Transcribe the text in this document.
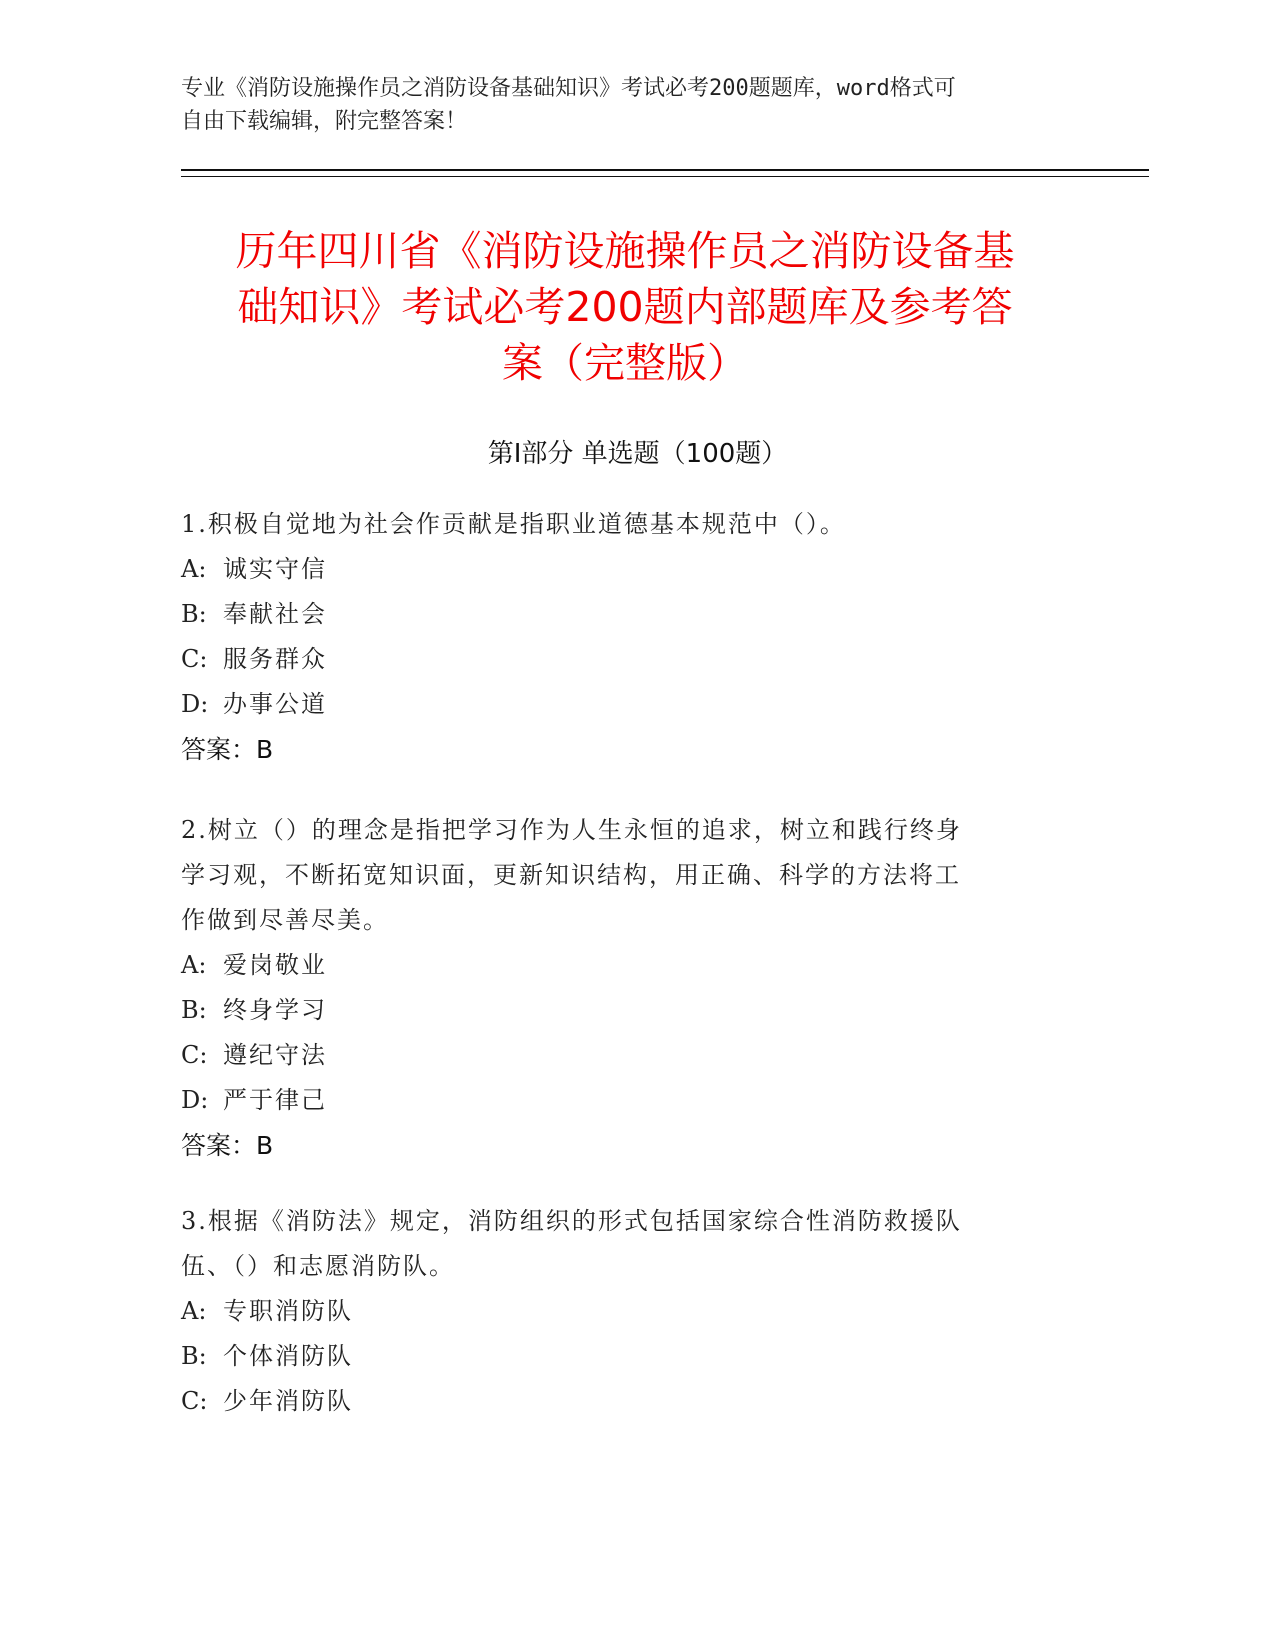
专业《消防设施操作员之消防设备基础知识》考试必考200题题库，word格式可
自由下载编辑，附完整答案！
历年四川省《消防设施操作员之消防设备基
础知识》考试必考200题内部题库及参考答
案（完整版）
第Ⅰ部分 单选题（100题）

1.积极自觉地为社会作贡献是指职业道德基本规范中（）。

A: 诚实守信

B: 奉献社会

C: 服务群众

D: 办事公道

答案：B

2.树立（）的理念是指把学习作为人生永恒的追求，树立和践行终身

学习观，不断拓宽知识面，更新知识结构，用正确、科学的方法将工

作做到尽善尽美。

A: 爱岗敬业

B: 终身学习

C: 遵纪守法

D: 严于律己

答案：B

3.根据《消防法》规定，消防组织的形式包括国家综合性消防救援队

伍、（）和志愿消防队。

A: 专职消防队

B: 个体消防队

C: 少年消防队
